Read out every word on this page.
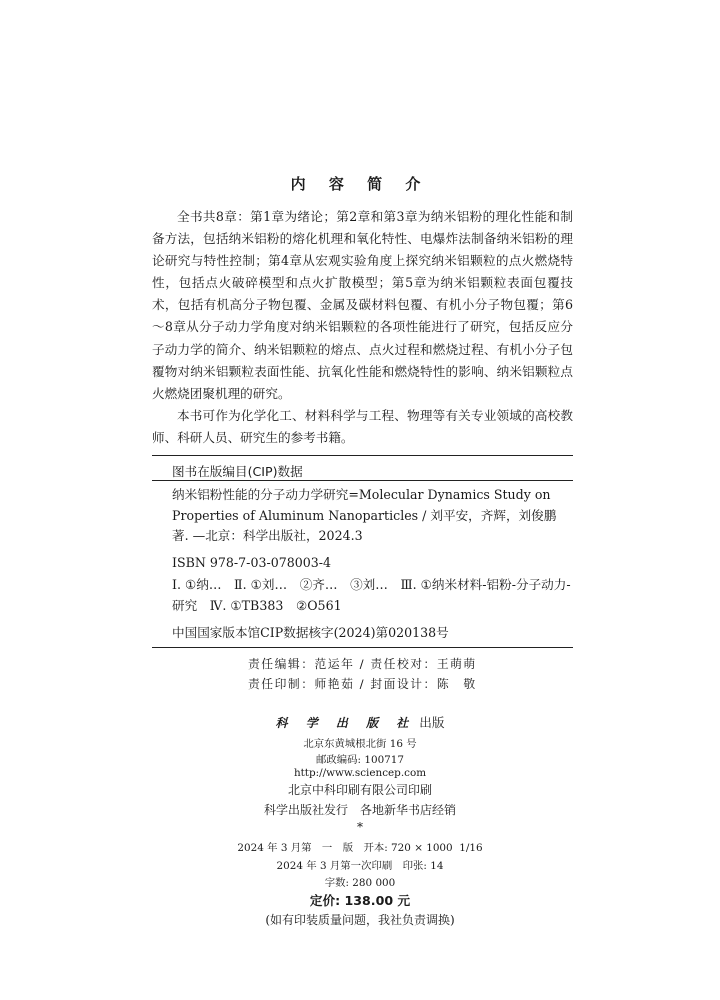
内 容 简 介

全书共8章：第1章为绪论；第2章和第3章为纳米铝粉的理化性能和制备方法，包括纳米铝粉的熔化机理和氧化特性、电爆炸法制备纳米铝粉的理论研究与特性控制；第4章从宏观实验角度上探究纳米铝颗粒的点火燃烧特性，包括点火破碎模型和点火扩散模型；第5章为纳米铝颗粒表面包覆技术，包括有机高分子物包覆、金属及碳材料包覆、有机小分子物包覆；第6～8章从分子动力学角度对纳米铝颗粒的各项性能进行了研究，包括反应分子动力学的简介、纳米铝颗粒的熔点、点火过程和燃烧过程、有机小分子包覆物对纳米铝颗粒表面性能、抗氧化性能和燃烧特性的影响、纳米铝颗粒点火燃烧团聚机理的研究。

本书可作为化学化工、材料科学与工程、物理等有关专业领域的高校教师、科研人员、研究生的参考书籍。

图书在版编目(CIP)数据
纳米铝粉性能的分子动力学研究=Molecular Dynamics Study on Properties of Aluminum Nanoparticles / 刘平安，齐辉，刘俊鹏著. —北京：科学出版社，2024.3
ISBN 978-7-03-078003-4
Ⅰ. ①纳…　Ⅱ. ①刘…　②齐…　③刘…　Ⅲ. ①纳米材料-铝粉-分子动力-研究　Ⅳ. ①TB383　②O561
中国国家版本馆CIP数据核字(2024)第020138号
责任编辑：范运年 / 责任校对：王萌萌
责任印制：师艳茹 / 封面设计：陈　敬
科 学 出 版 社 出版
北京东黄城根北街 16 号
邮政编码: 100717
http://www.sciencep.com
北京中科印刷有限公司印刷
科学出版社发行　各地新华书店经销
*
2024 年 3 月第　一　版　开本: 720 × 1000  1/16
2024 年 3 月第一次印刷　印张: 14
字数: 280 000
定价: 138.00 元
(如有印装质量问题，我社负责调换)
